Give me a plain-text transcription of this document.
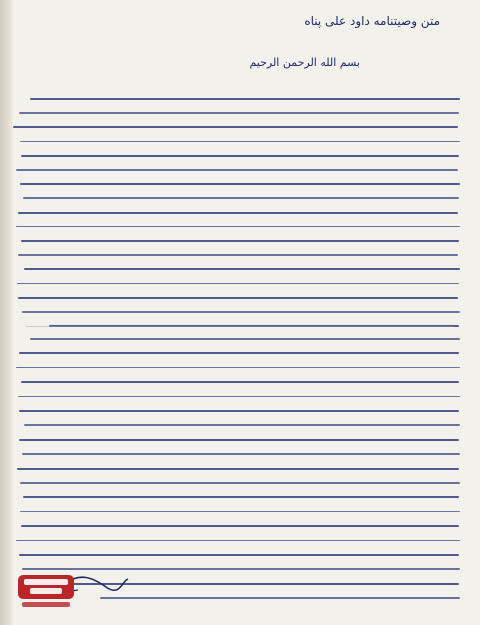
متن وصیتنامه داود علی پناه
بسم الله الرحمن الرحیم
